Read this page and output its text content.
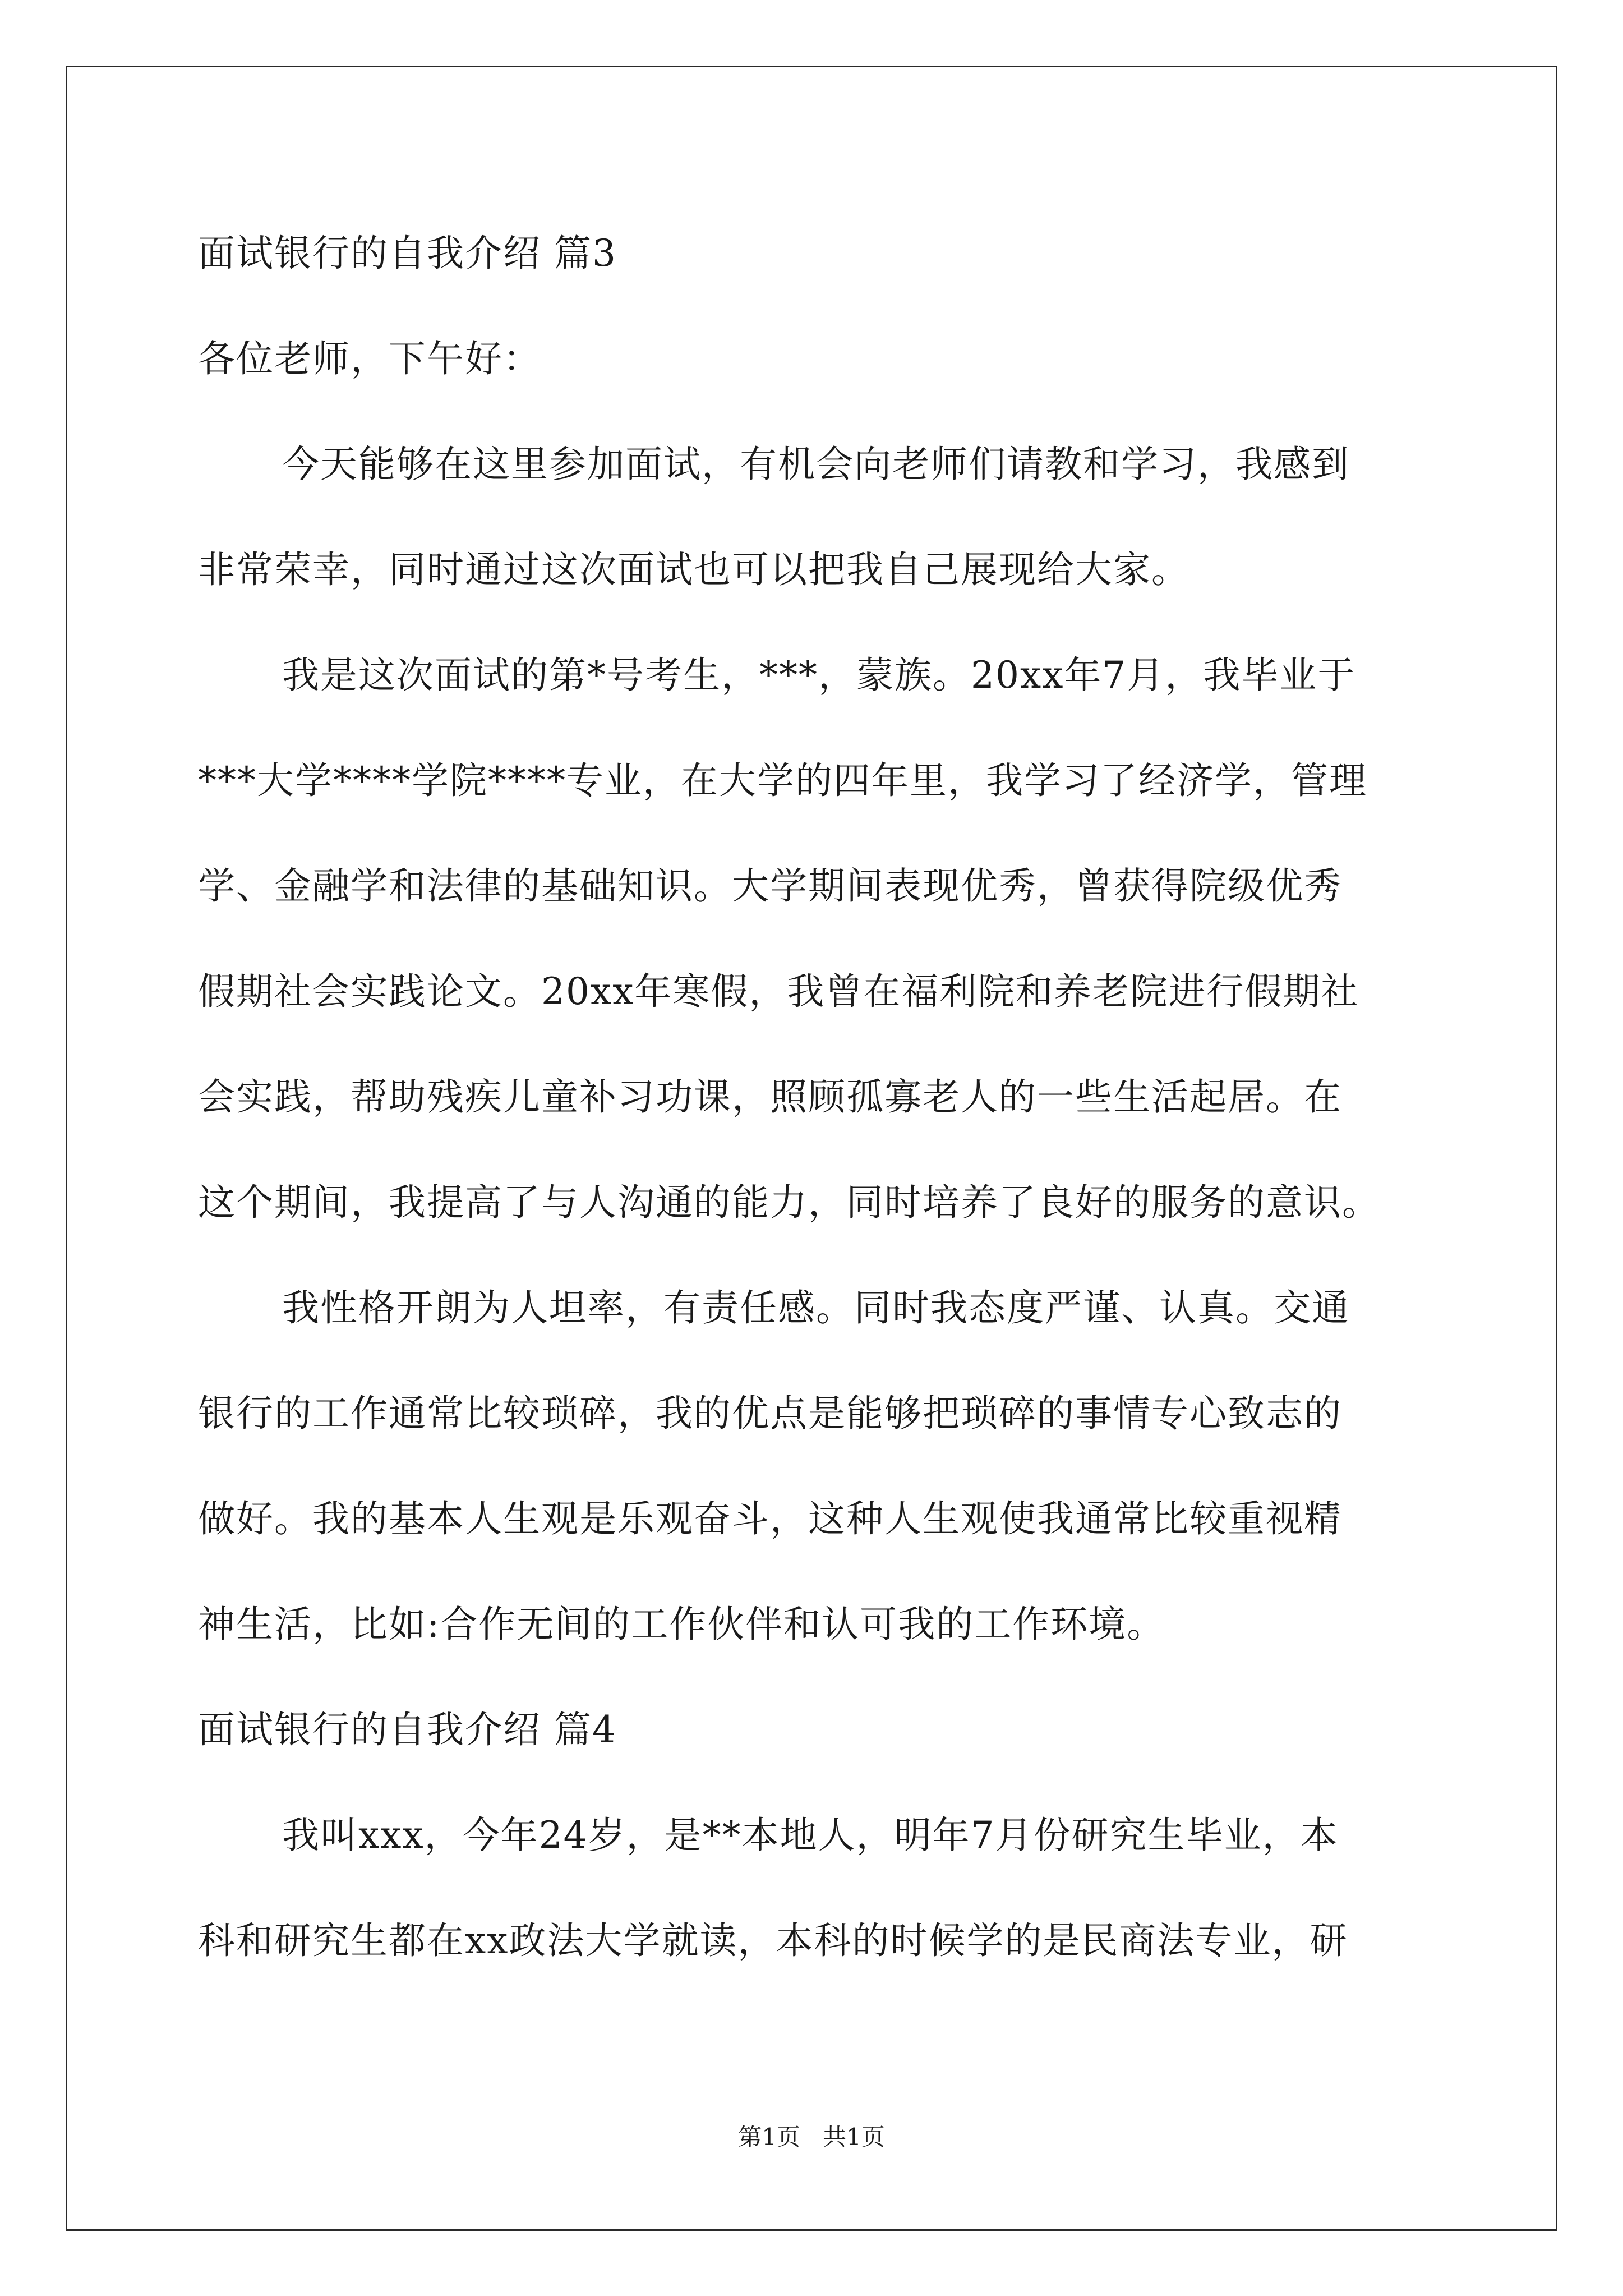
面试银行的自我介绍 篇3
各位老师，下午好：
今天能够在这里参加面试，有机会向老师们请教和学习，我感到
非常荣幸，同时通过这次面试也可以把我自己展现给大家。
我是这次面试的第*号考生，***，蒙族。20xx年7月，我毕业于
***大学****学院****专业，在大学的四年里，我学习了经济学，管理
学、金融学和法律的基础知识。大学期间表现优秀，曾获得院级优秀
假期社会实践论文。20xx年寒假，我曾在福利院和养老院进行假期社
会实践，帮助残疾儿童补习功课，照顾孤寡老人的一些生活起居。在
这个期间，我提高了与人沟通的能力，同时培养了良好的服务的意识。
我性格开朗为人坦率，有责任感。同时我态度严谨、认真。交通
银行的工作通常比较琐碎，我的优点是能够把琐碎的事情专心致志的
做好。我的基本人生观是乐观奋斗，这种人生观使我通常比较重视精
神生活，比如:合作无间的工作伙伴和认可我的工作环境。
面试银行的自我介绍 篇4
我叫xxx，今年24岁，是**本地人，明年7月份研究生毕业，本
科和研究生都在xx政法大学就读，本科的时候学的是民商法专业，研
第1页 共1页
